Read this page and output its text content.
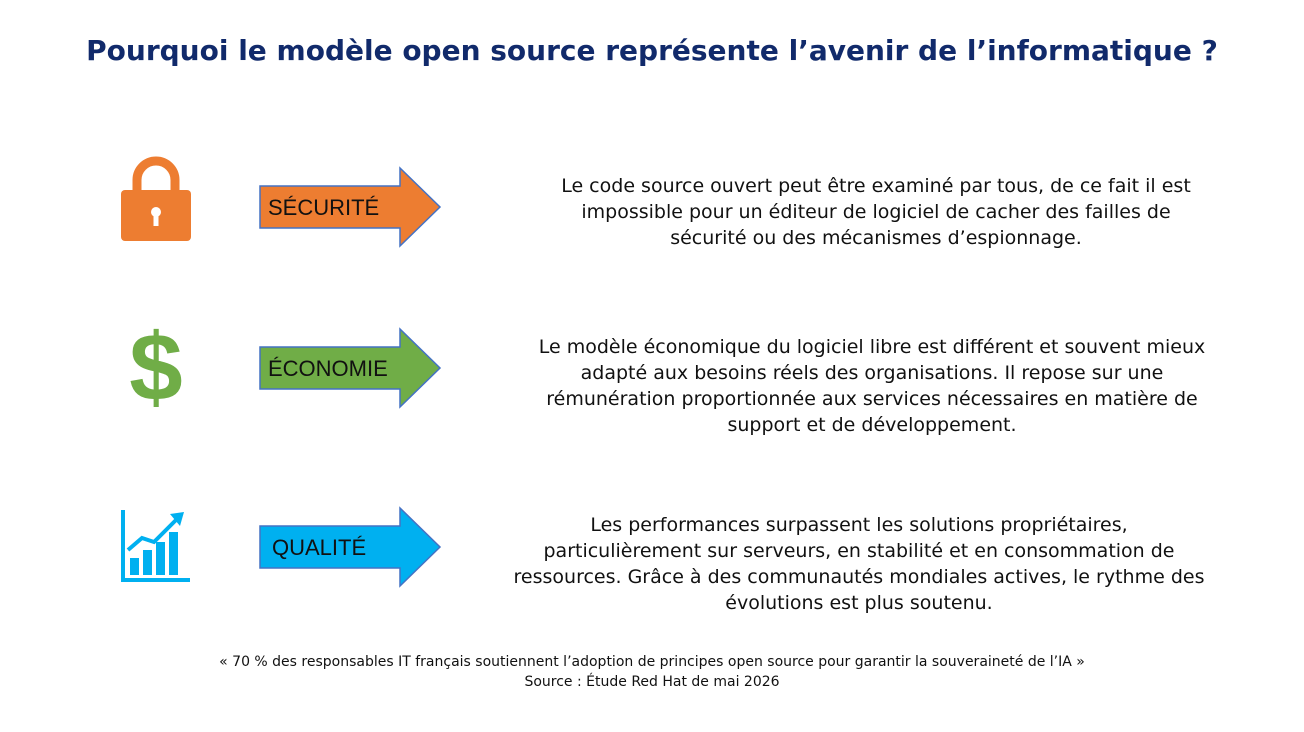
Pourquoi le modèle open source représente l’avenir de l’informatique ?
SÉCURITÉ
Le code source ouvert peut être examiné par tous, de ce fait il est
impossible pour un éditeur de logiciel de cacher des failles de
sécurité ou des mécanismes d’espionnage.
$	ÉCONOMIE
Le modèle économique du logiciel libre est différent et souvent mieux
adapté aux besoins réels des organisations. Il repose sur une
rémunération proportionnée aux services nécessaires en matière de
support et de développement.
QUALITÉ
Les performances surpassent les solutions propriétaires,
particulièrement sur serveurs, en stabilité et en consommation de
ressources. Grâce à des communautés mondiales actives, le rythme des
évolutions est plus soutenu.
« 70 % des responsables IT français soutiennent l’adoption de principes open source pour garantir la souveraineté de l’IA »
Source : Étude Red Hat de mai 2026
